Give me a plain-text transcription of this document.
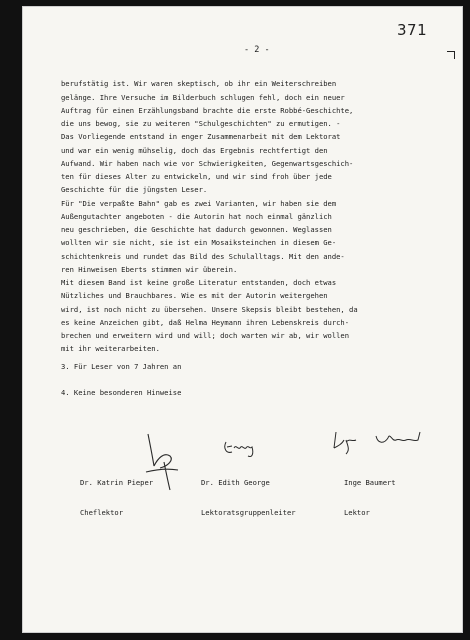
371
- 2 -

berufstätig ist. Wir waren skeptisch, ob ihr ein Weiterschreiben
gelänge. Ihre Versuche im Bilderbuch schlugen fehl, doch ein neuer
Auftrag für einen Erzählungsband brachte die erste Robbé-Geschichte,
die uns bewog, sie zu weiteren "Schulgeschichten" zu ermutigen. -
Das Vorliegende entstand in enger Zusammenarbeit mit dem Lektorat
und war ein wenig mühselig, doch das Ergebnis rechtfertigt den
Aufwand. Wir haben nach wie vor Schwierigkeiten, Gegenwartsgeschich-
ten für dieses Alter zu entwickeln, und wir sind froh über jede
Geschichte für die jüngsten Leser.
Für "Die verpaßte Bahn" gab es zwei Varianten, wir haben sie dem
Außengutachter angeboten - die Autorin hat noch einmal gänzlich
neu geschrieben, die Geschichte hat dadurch gewonnen. Weglassen
wollten wir sie nicht, sie ist ein Mosaiksteinchen in diesem Ge-
schichtenkreis und rundet das Bild des Schulalltags. Mit den ande-
ren Hinweisen Eberts stimmen wir überein.
Mit diesem Band ist keine große Literatur entstanden, doch etwas
Nützliches und Brauchbares. Wie es mit der Autorin weitergehen
wird, ist noch nicht zu übersehen. Unsere Skepsis bleibt bestehen, da
es keine Anzeichen gibt, daß Helma Heymann ihren Lebenskreis durch-
brechen und erweitern wird und will; doch warten wir ab, wir wollen
mit ihr weiterarbeiten.

3. Für Leser von 7 Jahren an
4. Keine besonderen Hinweise

Dr. Katrin Pieper

Cheflektor

Dr. Edith George

Lektoratsgruppenleiter

Inge Baumert

Lektor
